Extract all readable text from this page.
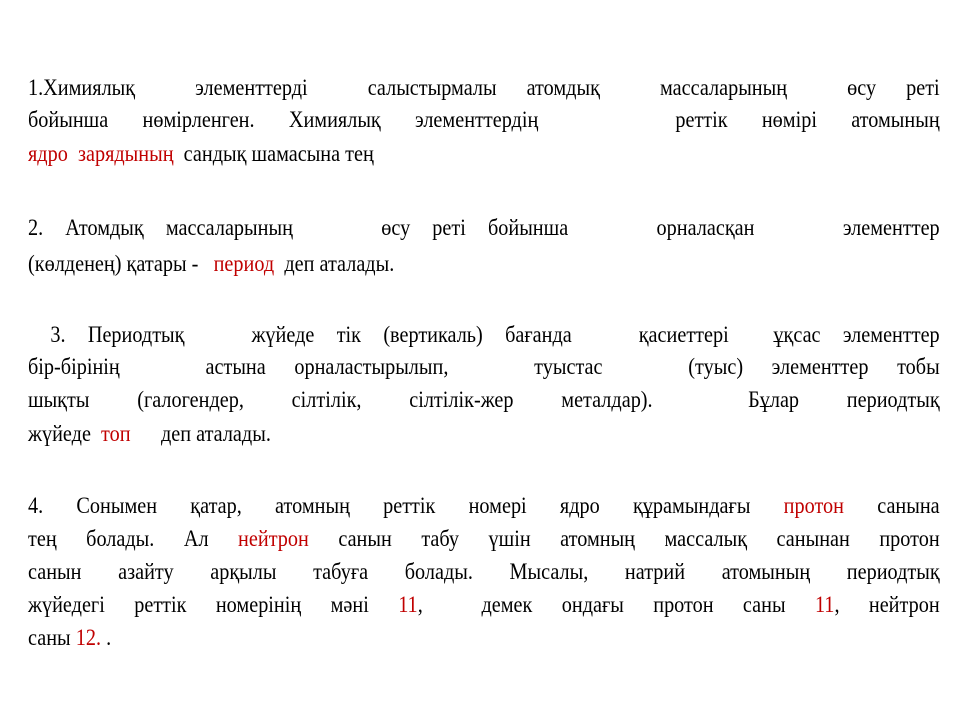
1.Химиялық  элементтерді  салыстырмалы атомдық  массаларының  өсу реті
бойынша нөмірленген. Химиялық элементтердің    реттік нөмірі атомының
ядро  зарядының  сандық шамасына тең
2. Атомдық массаларының    өсу реті бойынша    орналасқан    элементтер
(көлденең) қатары -   период  деп аталады.
3. Периодтық   жүйеде тік (вертикаль) бағанда   қасиеттері  ұқсас элементтер
бір-бірінің   астына орналастырылып,   туыстас   (туыс) элементтер тобы
шықты (галогендер, сілтілік, сілтілік-жер металдар).  Бұлар периодтық
жүйеде  топ      деп аталады.
4. Сонымен қатар, атомның реттік номері ядро құрамындағы протон санына
тең болады. Ал нейтрон санын табу үшін атомның массалық санынан протон
санын азайту арқылы табуға болады. Мысалы, натрий атомының периодтық
жүйедегі реттік номерінің мәні 11,  демек ондағы протон саны 11, нейтрон
саны 12. .
